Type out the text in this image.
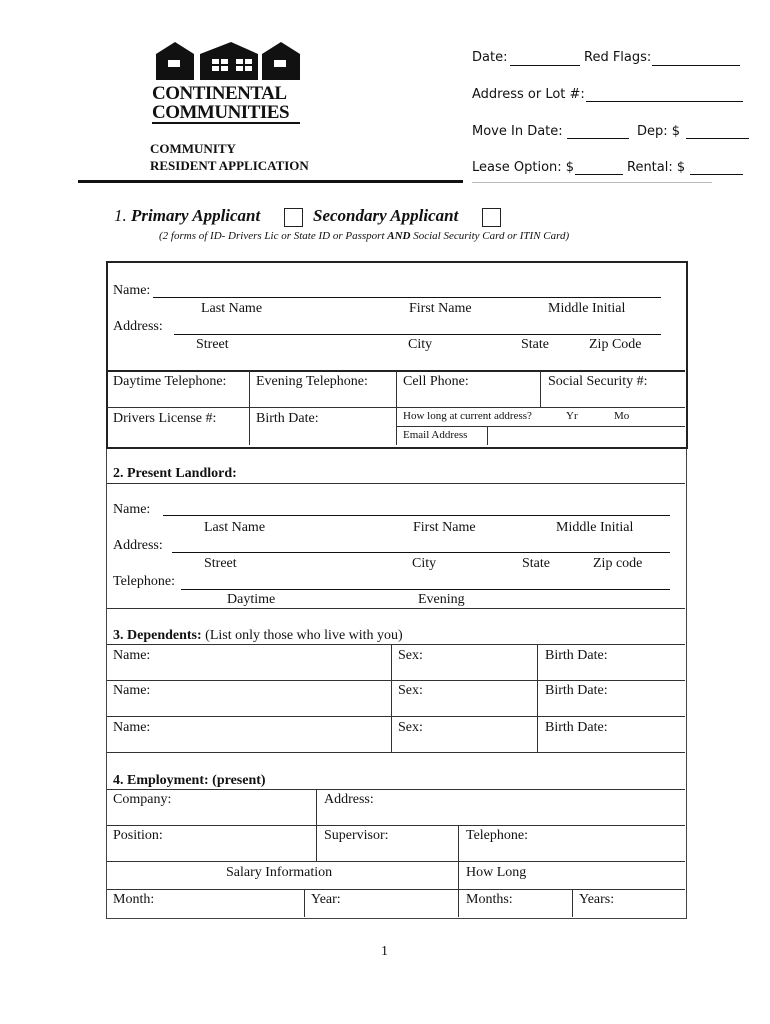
CONTINENTAL
COMMUNITIES
COMMUNITY
RESIDENT APPLICATION
Date:	Red Flags:
Address or Lot #:
Move In Date:	Dep: $
Lease Option: $	Rental: $
1. Primary Applicant	Secondary Applicant
(2 forms of ID- Drivers Lic or State ID or Passport AND Social Security Card or ITIN Card)
Name:
Last Name	First Name	Middle Initial
Address:
Street	City	State	Zip Code
Daytime Telephone: Evening Telephone:	Cell Phone:	Social Security #:
Drivers License #:	Birth Date:	How long at current address?	Yr	Mo
Email Address
2. Present Landlord:
Name:
Last Name	First Name	Middle Initial
Address:
Street	City	State	Zip code
Telephone:
Daytime	Evening
3. Dependents: (List only those who live with you)
Name:	Sex:	Birth Date:
Name:	Sex:	Birth Date:
Name:	Sex:	Birth Date:
4. Employment: (present)
Company:	Address:
Position:	Supervisor:	Telephone:
Salary Information	How Long
Month:	Year:	Months:	Years:
1
